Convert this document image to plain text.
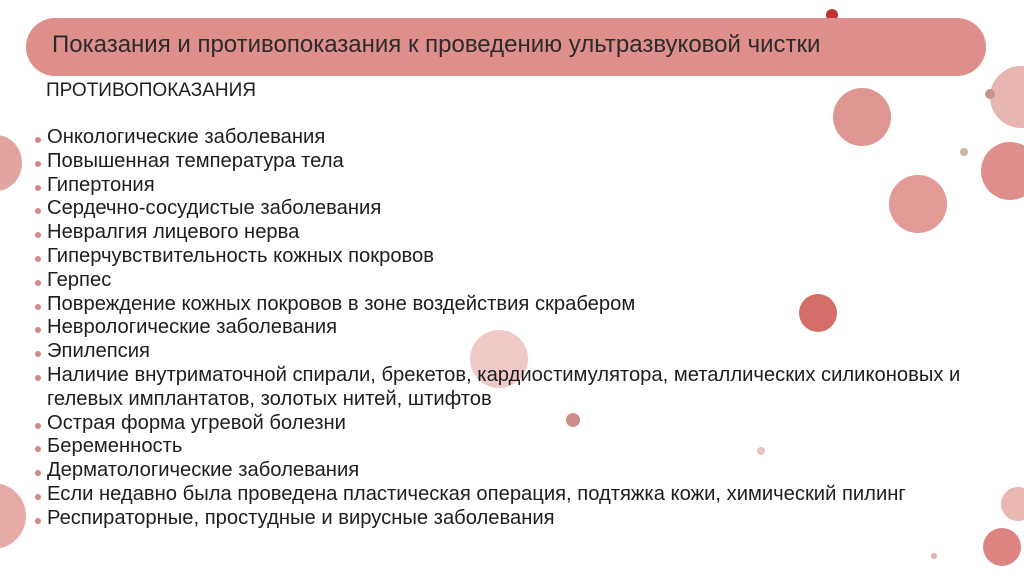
Показания и противопоказания к проведению ультразвуковой чистки
ПРОТИВОПОКАЗАНИЯ
Онкологические заболевания
Повышенная температура тела
Гипертония
Сердечно-сосудистые заболевания
Невралгия лицевого нерва
Гиперчувствительность кожных покровов
Герпес
Повреждение кожных покровов в зоне воздействия скрабером
Неврологические заболевания
Эпилепсия
Наличие внутриматочной спирали, брекетов, кардиостимулятора, металлических силиконовых и гелевых имплантатов, золотых нитей, штифтов
Острая форма угревой болезни
Беременность
Дерматологические заболевания
Если недавно была проведена пластическая операция, подтяжка кожи, химический пилинг
Респираторные, простудные и вирусные заболевания
